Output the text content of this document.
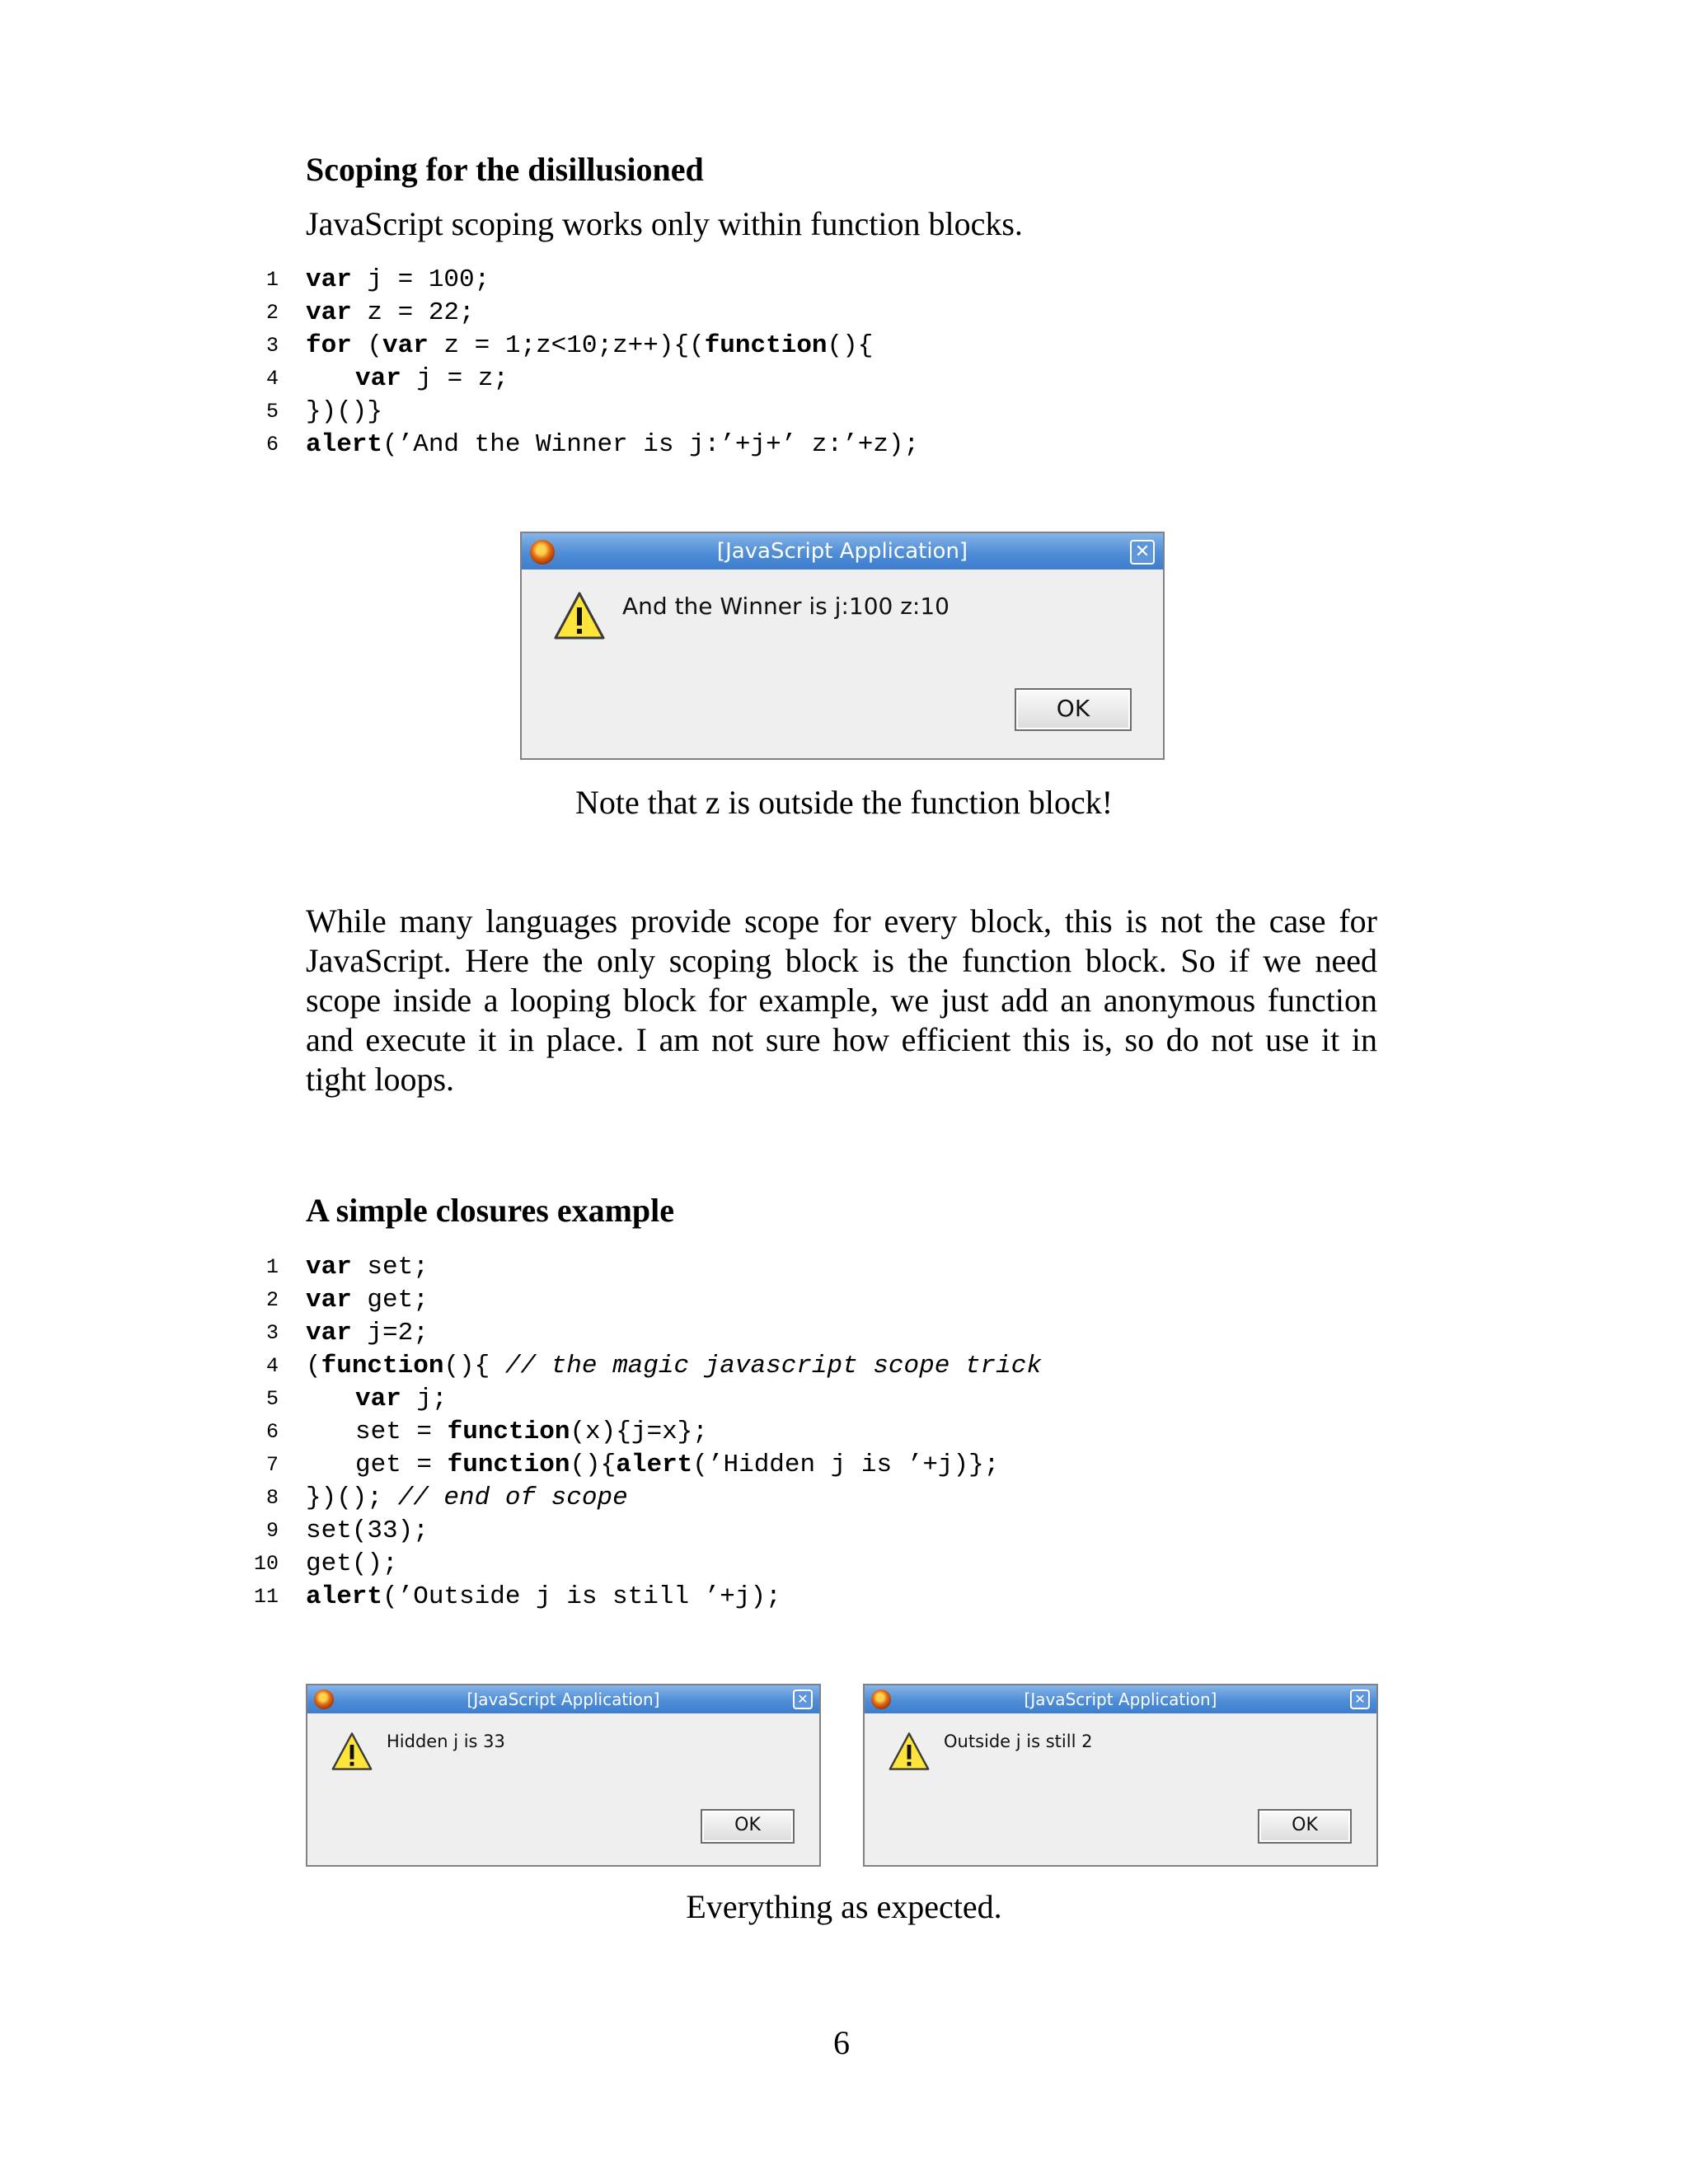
Scoping for the disillusioned
JavaScript scoping works only within function blocks.
1 var j = 100;
2 var z = 22;
3 for (var z = 1;z<10;z++){(function(){
4	var j = z;
5 })()}
6 alert(’And the Winner is j:’+j+’ z:’+z);
[JavaScript Application]	✕
And the Winner is j:100 z:10
OK
Note that z is outside the function block!
While many languages provide scope for every block, this is not the case for JavaScript. Here the only scoping block is the function block. So if we need scope inside a looping block for example, we just add an anonymous function and execute it in place. I am not sure how efficient this is, so do not use it in tight loops.
A simple closures example
1 var set;
2 var get;
3 var j=2;
4 (function(){ // the magic javascript scope trick
5	var j;
6	set = function(x){j=x};
7	get = function(){alert(’Hidden j is ’+j)};
8 })(); // end of scope
9 set(33);
10 get();
11 alert(’Outside j is still ’+j);
[JavaScript Application]	✕
Hidden j is 33
OK
[JavaScript Application]	✕
Outside j is still 2
OK
Everything as expected.
6
